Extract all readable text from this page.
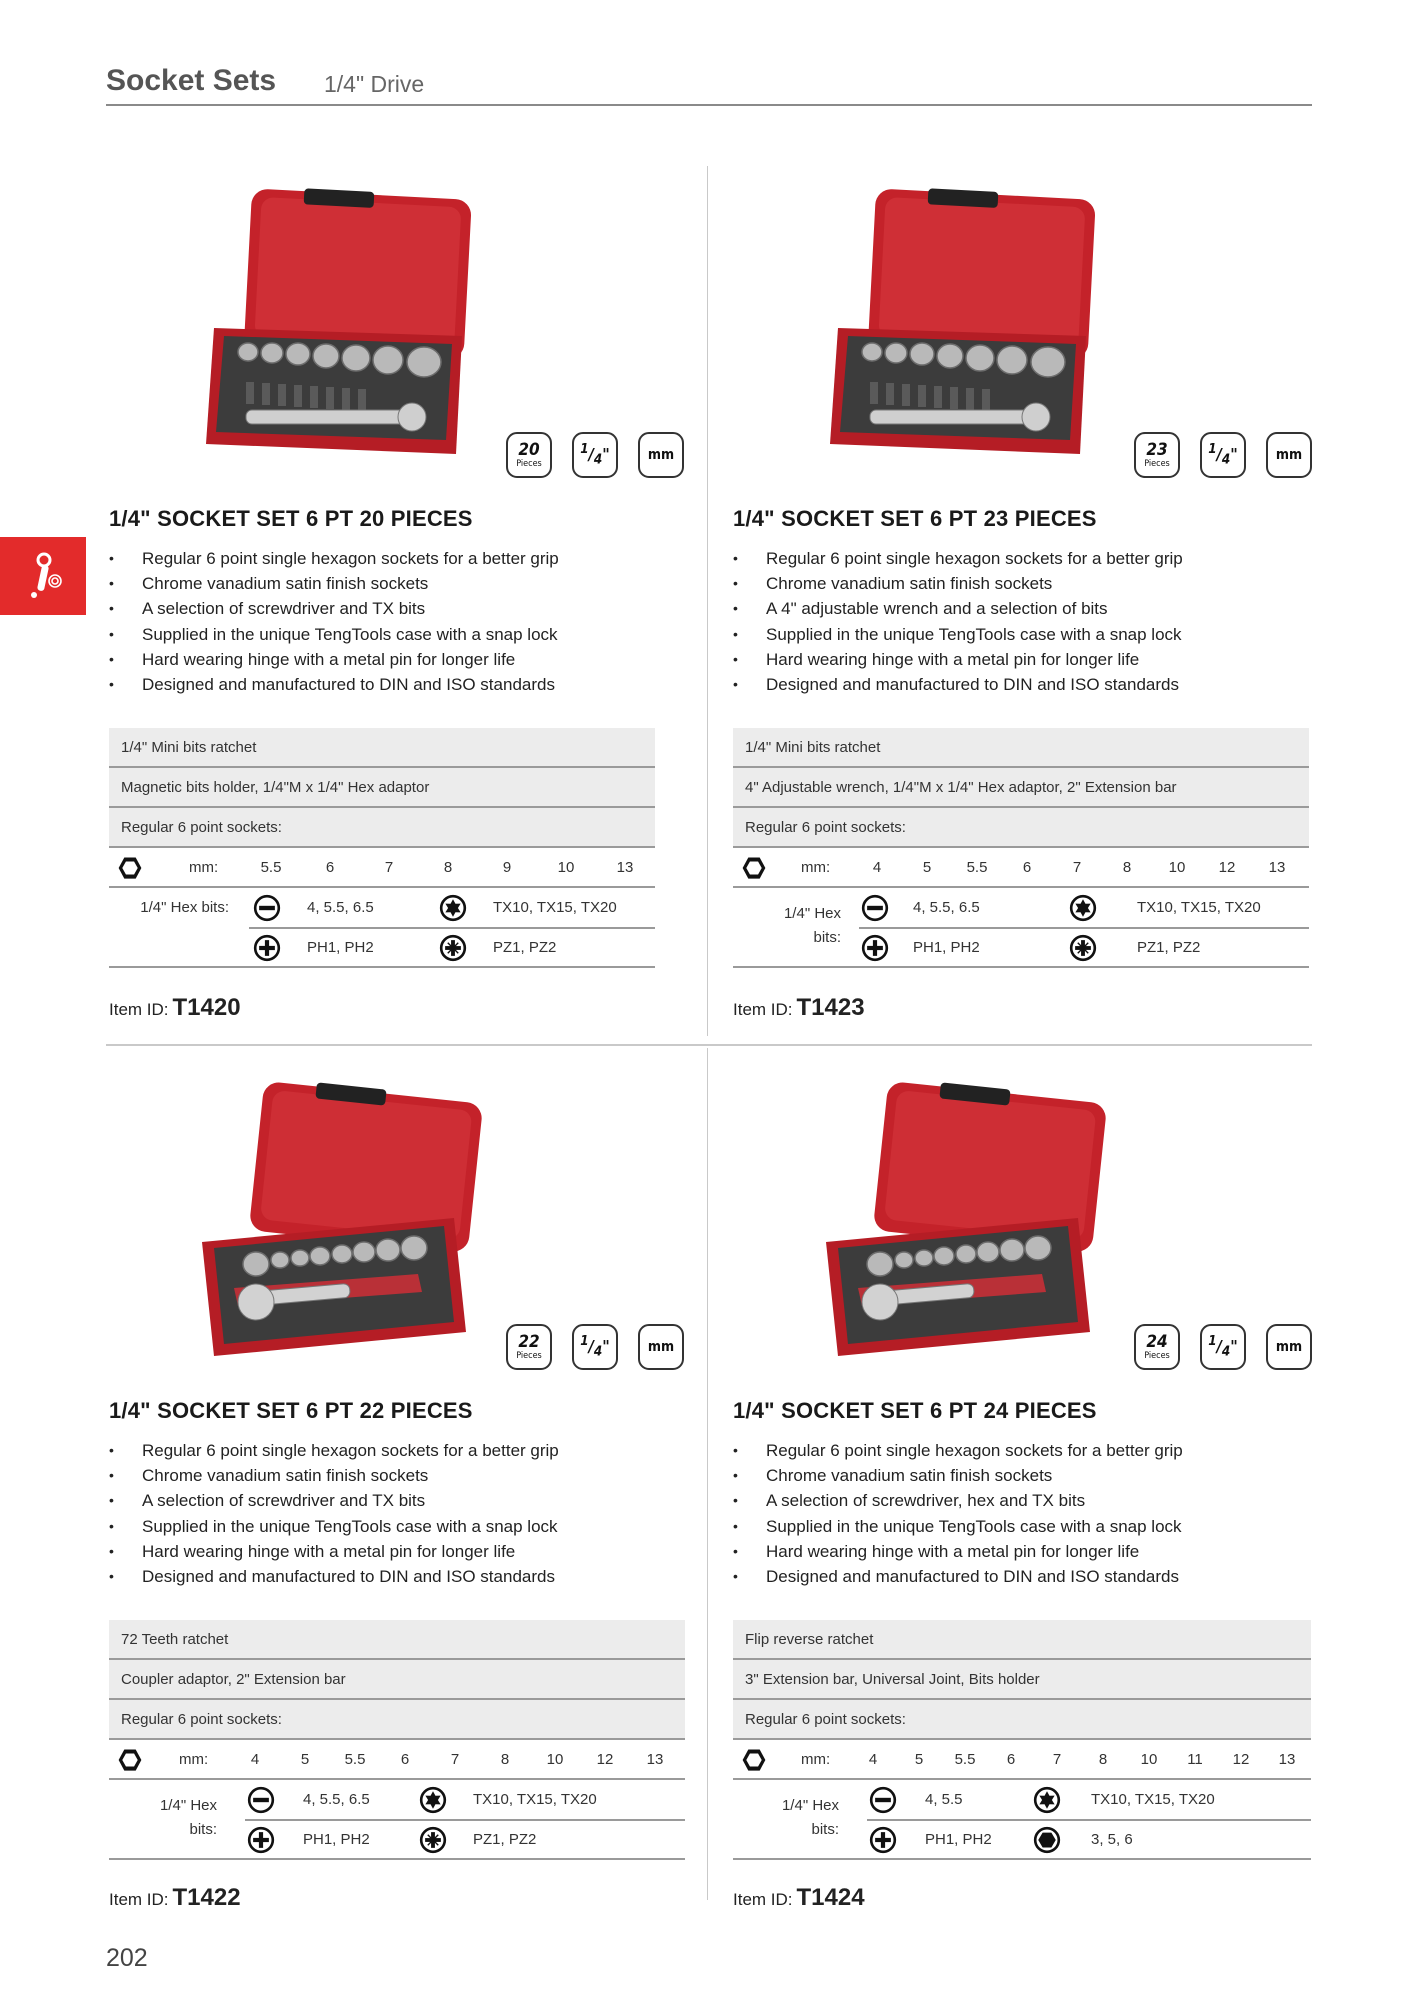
Socket Sets 1/4" Drive
20
Pieces
$^1/_4$"	mm
1/4" SOCKET SET 6 PT 20 PIECES
• Regular 6 point single hexagon sockets for a better grip
• Chrome vanadium satin finish sockets
• A selection of screwdriver and TX bits
• Supplied in the unique TengTools case with a snap lock
• Hard wearing hinge with a metal pin for longer life
• Designed and manufactured to DIN and ISO standards
1/4" Mini bits ratchet
Magnetic bits holder, 1/4"M x 1/4" Hex adaptor
Regular 6 point sockets:
mm:	5.5	6	7	8	9	10	13
1/4" Hex bits:	4, 5.5, 6.5	TX10, TX15, TX20
PH1, PH2	PZ1, PZ2
Item ID: T1420
23
Pieces
$^1/_4$"	mm
1/4" SOCKET SET 6 PT 23 PIECES
• Regular 6 point single hexagon sockets for a better grip
• Chrome vanadium satin finish sockets
• A 4" adjustable wrench and a selection of bits
• Supplied in the unique TengTools case with a snap lock
• Hard wearing hinge with a metal pin for longer life
• Designed and manufactured to DIN and ISO standards
1/4" Mini bits ratchet
4" Adjustable wrench, 1/4"M x 1/4" Hex adaptor, 2" Extension bar
Regular 6 point sockets:
mm:	4	5	5.5	6	7	8	10	12	13
1/4" Hex
bits:
4, 5.5, 6.5	TX10, TX15, TX20
PH1, PH2	PZ1, PZ2
Item ID: T1423
22
Pieces
$^1/_4$"	mm
1/4" SOCKET SET 6 PT 22 PIECES
• Regular 6 point single hexagon sockets for a better grip
• Chrome vanadium satin finish sockets
• A selection of screwdriver and TX bits
• Supplied in the unique TengTools case with a snap lock
• Hard wearing hinge with a metal pin for longer life
• Designed and manufactured to DIN and ISO standards
72 Teeth ratchet
Coupler adaptor, 2" Extension bar
Regular 6 point sockets:
mm:	4	5	5.5	6	7	8	10	12	13
1/4" Hex
bits:
4, 5.5, 6.5	TX10, TX15, TX20
PH1, PH2	PZ1, PZ2
Item ID: T1422
24
Pieces
$^1/_4$"	mm
1/4" SOCKET SET 6 PT 24 PIECES
• Regular 6 point single hexagon sockets for a better grip
• Chrome vanadium satin finish sockets
• A selection of screwdriver, hex and TX bits
• Supplied in the unique TengTools case with a snap lock
• Hard wearing hinge with a metal pin for longer life
• Designed and manufactured to DIN and ISO standards
Flip reverse ratchet
3" Extension bar, Universal Joint, Bits holder
Regular 6 point sockets:
mm:	4	5	5.5	6	7	8	10	11	12	13
1/4" Hex
bits:
4, 5.5	TX10, TX15, TX20
PH1, PH2	3, 5, 6
Item ID: T1424
202
